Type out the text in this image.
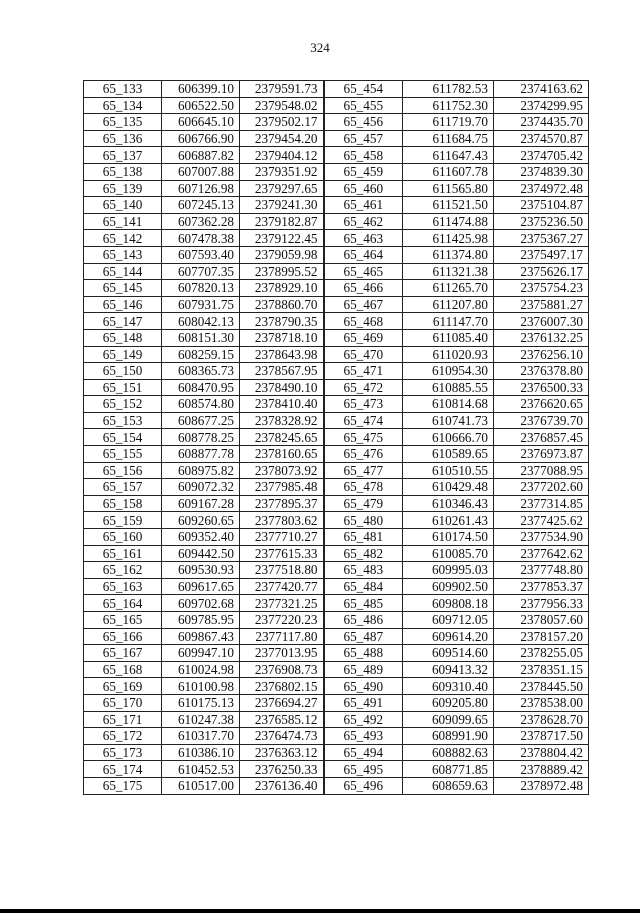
324
65_133	606399.10	2379591.73	65_454	611782.53	2374163.62
65_134	606522.50	2379548.02	65_455	611752.30	2374299.95
65_135	606645.10	2379502.17	65_456	611719.70	2374435.70
65_136	606766.90	2379454.20	65_457	611684.75	2374570.87
65_137	606887.82	2379404.12	65_458	611647.43	2374705.42
65_138	607007.88	2379351.92	65_459	611607.78	2374839.30
65_139	607126.98	2379297.65	65_460	611565.80	2374972.48
65_140	607245.13	2379241.30	65_461	611521.50	2375104.87
65_141	607362.28	2379182.87	65_462	611474.88	2375236.50
65_142	607478.38	2379122.45	65_463	611425.98	2375367.27
65_143	607593.40	2379059.98	65_464	611374.80	2375497.17
65_144	607707.35	2378995.52	65_465	611321.38	2375626.17
65_145	607820.13	2378929.10	65_466	611265.70	2375754.23
65_146	607931.75	2378860.70	65_467	611207.80	2375881.27
65_147	608042.13	2378790.35	65_468	611147.70	2376007.30
65_148	608151.30	2378718.10	65_469	611085.40	2376132.25
65_149	608259.15	2378643.98	65_470	611020.93	2376256.10
65_150	608365.73	2378567.95	65_471	610954.30	2376378.80
65_151	608470.95	2378490.10	65_472	610885.55	2376500.33
65_152	608574.80	2378410.40	65_473	610814.68	2376620.65
65_153	608677.25	2378328.92	65_474	610741.73	2376739.70
65_154	608778.25	2378245.65	65_475	610666.70	2376857.45
65_155	608877.78	2378160.65	65_476	610589.65	2376973.87
65_156	608975.82	2378073.92	65_477	610510.55	2377088.95
65_157	609072.32	2377985.48	65_478	610429.48	2377202.60
65_158	609167.28	2377895.37	65_479	610346.43	2377314.85
65_159	609260.65	2377803.62	65_480	610261.43	2377425.62
65_160	609352.40	2377710.27	65_481	610174.50	2377534.90
65_161	609442.50	2377615.33	65_482	610085.70	2377642.62
65_162	609530.93	2377518.80	65_483	609995.03	2377748.80
65_163	609617.65	2377420.77	65_484	609902.50	2377853.37
65_164	609702.68	2377321.25	65_485	609808.18	2377956.33
65_165	609785.95	2377220.23	65_486	609712.05	2378057.60
65_166	609867.43	2377117.80	65_487	609614.20	2378157.20
65_167	609947.10	2377013.95	65_488	609514.60	2378255.05
65_168	610024.98	2376908.73	65_489	609413.32	2378351.15
65_169	610100.98	2376802.15	65_490	609310.40	2378445.50
65_170	610175.13	2376694.27	65_491	609205.80	2378538.00
65_171	610247.38	2376585.12	65_492	609099.65	2378628.70
65_172	610317.70	2376474.73	65_493	608991.90	2378717.50
65_173	610386.10	2376363.12	65_494	608882.63	2378804.42
65_174	610452.53	2376250.33	65_495	608771.85	2378889.42
65_175	610517.00	2376136.40	65_496	608659.63	2378972.48
